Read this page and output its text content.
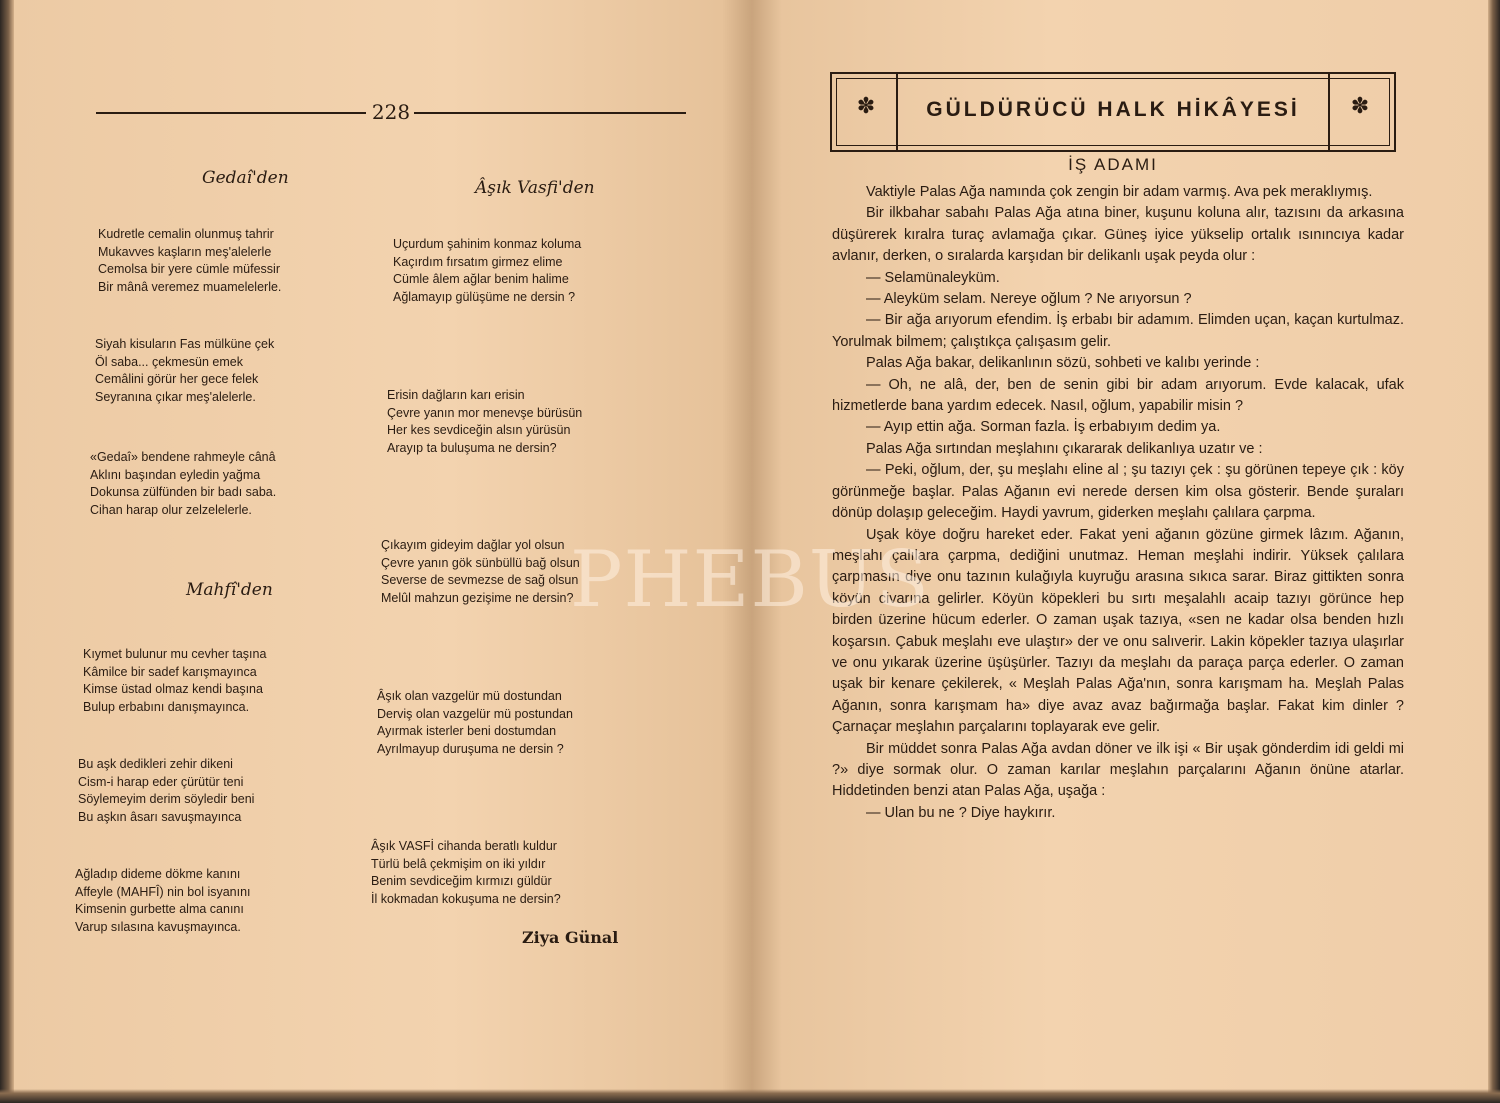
228
Gedaî'den
Kudretle cemalin olunmuş tahrir
Mukavves kaşların meş'alelerle
Cemolsa bir yere cümle müfessir
Bir mânâ veremez muamelelerle.
Siyah kisuların Fas mülküne çek
Öl saba... çekmesün emek
Cemâlini görür her gece felek
Seyranına çıkar meş'alelerle.
«Gedaî» bendene rahmeyle cânâ
Aklını başından eyledin yağma
Dokunsa zülfünden bir badı saba.
Cihan harap olur zelzelelerle.
Mahfî'den
Kıymet bulunur mu cevher taşına
Kâmilce bir sadef karışmayınca
Kimse üstad olmaz kendi başına
Bulup erbabını danışmayınca.
Bu aşk dedikleri zehir dikeni
Cism-i harap eder çürütür teni
Söylemeyim derim söyledir beni
Bu aşkın âsarı savuşmayınca
Ağladıp dideme dökme kanını
Affeyle (MAHFÎ) nin bol isyanını
Kimsenin gurbette alma canını
Varup sılasına kavuşmayınca.
Âşık Vasfi'den
Uçurdum şahinim konmaz koluma
Kaçırdım fırsatım girmez elime
Cümle âlem ağlar benim halime
Ağlamayıp gülüşüme ne dersin ?
Erisin dağların karı erisin
Çevre yanın mor menevşe bürüsün
Her kes sevdiceğin alsın yürüsün
Arayıp ta buluşuma ne dersin?
Çıkayım gideyim dağlar yol olsun
Çevre yanın gök sünbüllü bağ olsun
Severse de sevmezse de sağ olsun
Melûl mahzun gezişime ne dersin?
Âşık olan vazgelür mü dostundan
Derviş olan vazgelür mü postundan
Ayırmak isterler beni dostumdan
Ayrılmayup duruşuma ne dersin ?
Âşık VASFİ cihanda beratlı kuldur
Türlü belâ çekmişim on iki yıldır
Benim sevdiceğim kırmızı güldür
İl kokmadan kokuşuma ne dersin?
Ziya Günal
✽	GÜLDÜRÜCÜ HALK HİKÂYESİ	✽
İŞ ADAMI

Vaktiyle Palas Ağa namında çok zengin bir adam varmış. Ava pek meraklıymış.

Bir ilkbahar sabahı Palas Ağa atına biner, kuşunu koluna alır, tazısını da arkasına düşürerek kıralra turaç avlamağa çıkar. Güneş iyice yükselip ortalık ısınıncıya kadar avlanır, derken, o sıralarda karşıdan bir delikanlı uşak peyda olur :

— Selamünaleyküm.

— Aleyküm selam. Nereye oğlum ? Ne arıyorsun ?

— Bir ağa arıyorum efendim. İş erbabı bir adamım. Elimden uçan, kaçan kurtulmaz. Yorulmak bilmem; çalıştıkça çalışasım gelir.

Palas Ağa bakar, delikanlının sözü, sohbeti ve kalıbı yerinde :

— Oh, ne alâ, der, ben de senin gibi bir adam arıyorum. Evde kalacak, ufak hizmetlerde bana yardım edecek. Nasıl, oğlum, yapabilir misin ?

— Ayıp ettin ağa. Sorman fazla. İş erbabıyım dedim ya.

Palas Ağa sırtından meşlahını çıkararak delikanlıya uzatır ve :

— Peki, oğlum, der, şu meşlahı eline al ; şu tazıyı çek : şu görünen tepeye çık : köy görünmeğe başlar. Palas Ağanın evi nerede dersen kim olsa gösterir. Bende şuraları dönüp dolaşıp geleceğim. Haydi yavrum, giderken meşlahı çalılara çarpma.

Uşak köye doğru hareket eder. Fakat yeni ağanın gözüne girmek lâzım. Ağanın, meşlahı çalılara çarpma, dediğini unutmaz. Heman meşlahi indirir. Yüksek çalılara çarpmasın diye onu tazının kulağıyla kuyruğu arasına sıkıca sarar. Biraz gittikten sonra köyün civarına gelirler. Köyün köpekleri bu sırtı meşalahlı acaip tazıyı görünce hep birden üzerine hücum ederler. O zaman uşak tazıya, «sen ne kadar olsa benden hızlı koşarsın. Çabuk meşlahı eve ulaştır» der ve onu salıverir. Lakin köpekler tazıya ulaşırlar ve onu yıkarak üzerine üşüşürler. Tazıyı da meşlahı da paraça parça ederler. O zaman uşak bir kenare çekilerek, « Meşlah Palas Ağa'nın, sonra karışmam ha. Meşlah Palas Ağanın, sonra karışmam ha» diye avaz avaz bağırmağa başlar. Fakat kim dinler ? Çarnaçar meşlahın parçalarını toplayarak eve gelir.

Bir müddet sonra Palas Ağa avdan döner ve ilk işi « Bir uşak gönderdim idi geldi mi ?» diye sormak olur. O zaman karılar meşlahın parçalarını Ağanın önüne atarlar. Hiddetinden benzi atan Palas Ağa, uşağa :

— Ulan bu ne ? Diye haykırır.

PHEBUS
